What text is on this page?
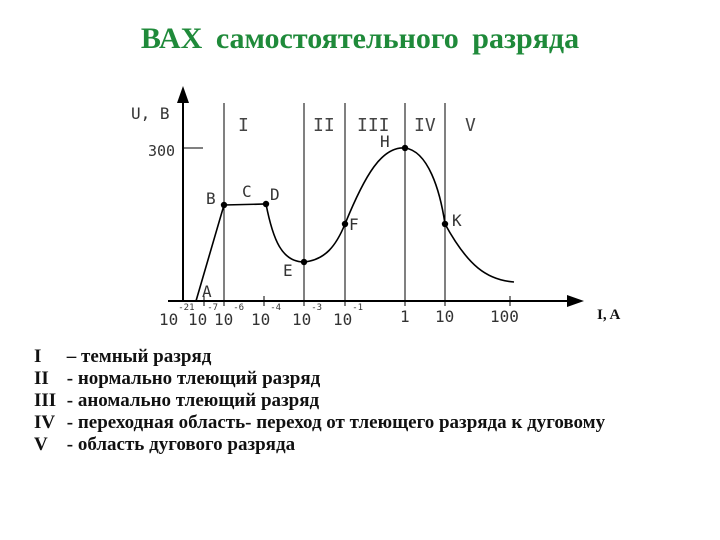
ВАХ самостоятельного разряда
300
U, B
$10^{-21}$
$10^{-7}$
$10^{-6}$
$10^{-4}$
$10^{-3}$
$10^{-1}$ 1 10 100	I, A
I	II III IV V
A
B C D
E
F
H
K
I – темный разряд
II - нормально тлеющий разряд
III - аномально тлеющий разряд
IV - переходная область- переход от тлеющего разряда к дуговому
V - область дугового разряда
